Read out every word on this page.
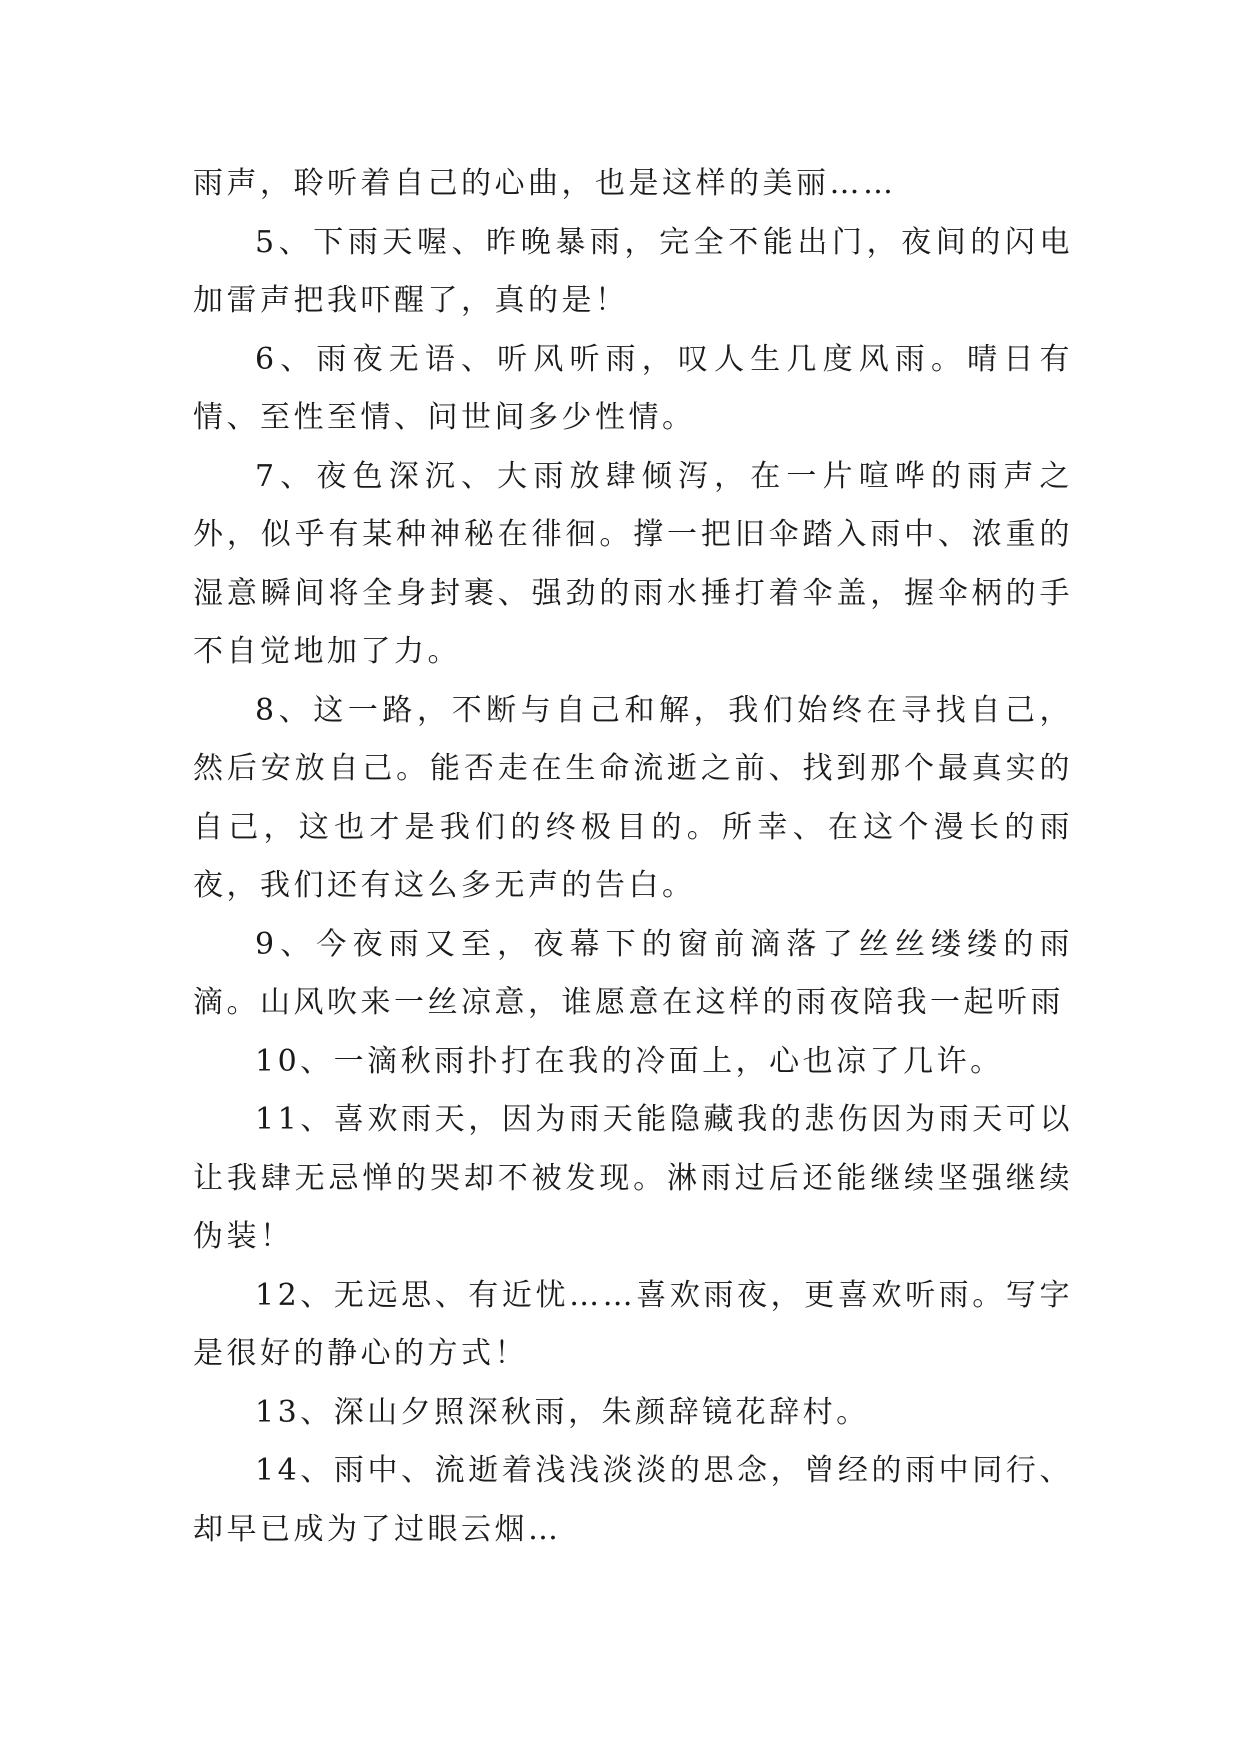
雨声，聆听着自己的心曲，也是这样的美丽……

5、下雨天喔、昨晚暴雨，完全不能出门，夜间的闪电加雷声把我吓醒了，真的是！

6、雨夜无语、听风听雨，叹人生几度风雨。晴日有情、至性至情、问世间多少性情。

7、夜色深沉、大雨放肆倾泻，在一片喧哗的雨声之外，似乎有某种神秘在徘徊。撑一把旧伞踏入雨中、浓重的湿意瞬间将全身封裹、强劲的雨水捶打着伞盖，握伞柄的手不自觉地加了力。

8、这一路，不断与自己和解，我们始终在寻找自己，然后安放自己。能否走在生命流逝之前、找到那个最真实的自己，这也才是我们的终极目的。所幸、在这个漫长的雨夜，我们还有这么多无声的告白。

9、今夜雨又至，夜幕下的窗前滴落了丝丝缕缕的雨滴。山风吹来一丝凉意，谁愿意在这样的雨夜陪我一起听雨

10、一滴秋雨扑打在我的冷面上，心也凉了几许。

11、喜欢雨天，因为雨天能隐藏我的悲伤因为雨天可以让我肆无忌惮的哭却不被发现。淋雨过后还能继续坚强继续伪装！

12、无远思、有近忧……喜欢雨夜，更喜欢听雨。写字是很好的静心的方式！

13、深山夕照深秋雨，朱颜辞镜花辞村。

14、雨中、流逝着浅浅淡淡的思念，曾经的雨中同行、却早已成为了过眼云烟…
